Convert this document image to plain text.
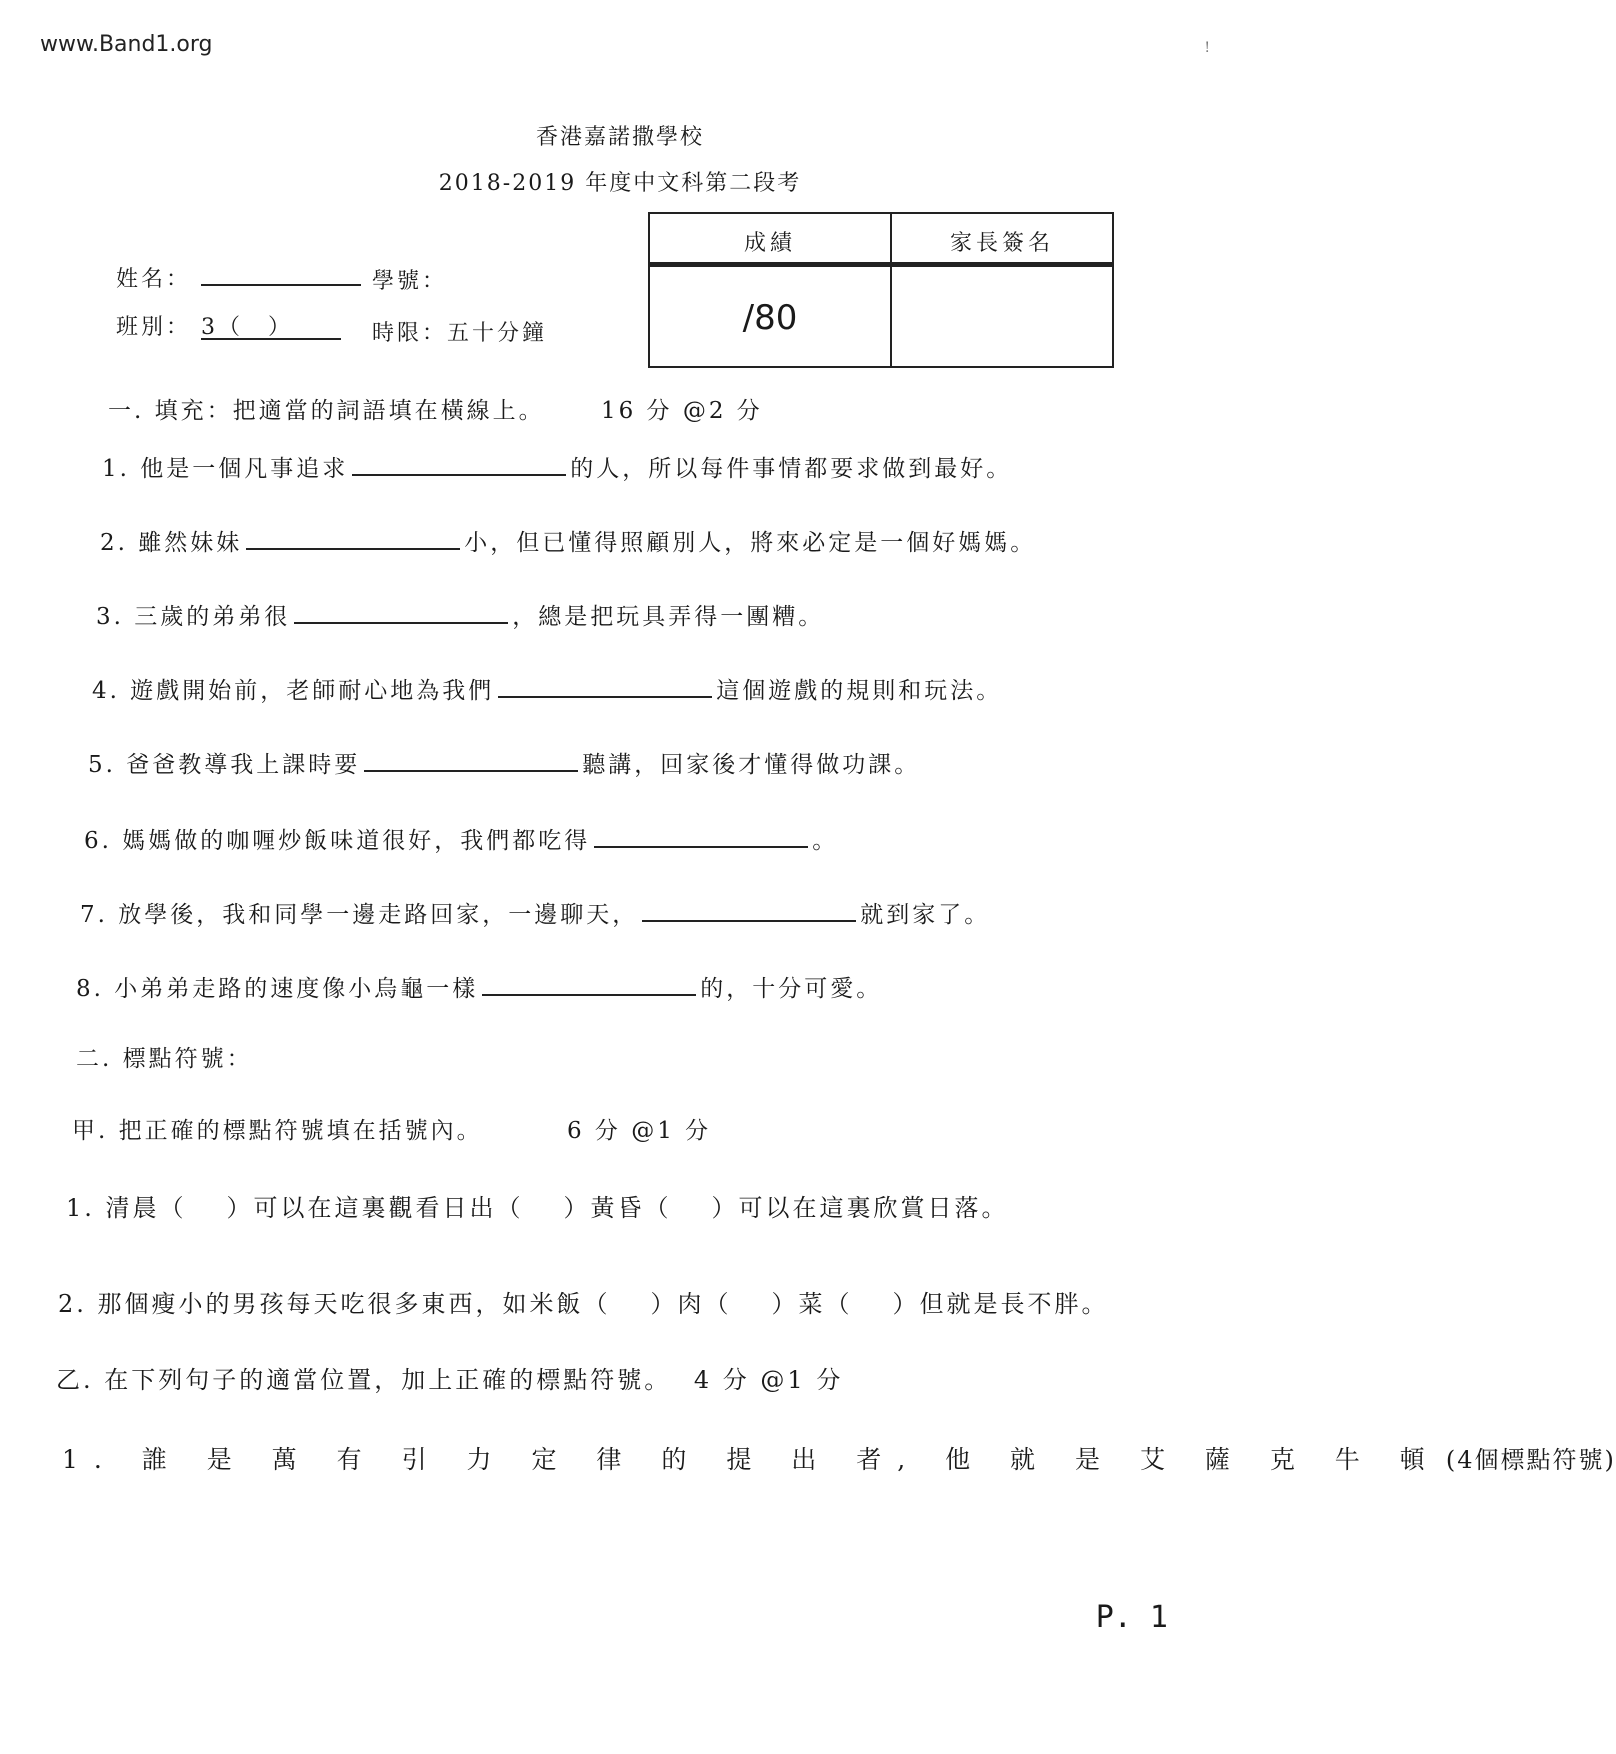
www.Band1.org	!
香港嘉諾撒學校
2018-2019 年度中文科第二段考
姓名：	學號：
班別： 3（　）	時限：五十分鐘
成績	家長簽名
/80
一. 填充：把適當的詞語填在橫線上。 16 分 @2 分
1. 他是一個凡事追求	的人，所以每件事情都要求做到最好。
2. 雖然妹妹	小，但已懂得照顧別人，將來必定是一個好媽媽。
3. 三歲的弟弟很	，總是把玩具弄得一團糟。
4. 遊戲開始前，老師耐心地為我們	這個遊戲的規則和玩法。
5. 爸爸教導我上課時要	聽講，回家後才懂得做功課。
6. 媽媽做的咖喱炒飯味道很好，我們都吃得	。
7. 放學後，我和同學一邊走路回家，一邊聊天，	就到家了。
8. 小弟弟走路的速度像小烏龜一樣	的，十分可愛。
二. 標點符號：
甲. 把正確的標點符號填在括號內。	6 分 @1 分
1. 清晨（ ）可以在這裏觀看日出（ ）黃昏（ ）可以在這裏欣賞日落。
2. 那個瘦小的男孩每天吃很多東西，如米飯（ ）肉（ ）菜（ ）但就是長不胖。
乙. 在下列句子的適當位置，加上正確的標點符號。 4 分 @1 分
1. 誰 是 萬 有 引 力 定 律 的 提 出 者, 他 就 是 艾 薩 克 牛 頓 (4個標點符號)
P. 1
